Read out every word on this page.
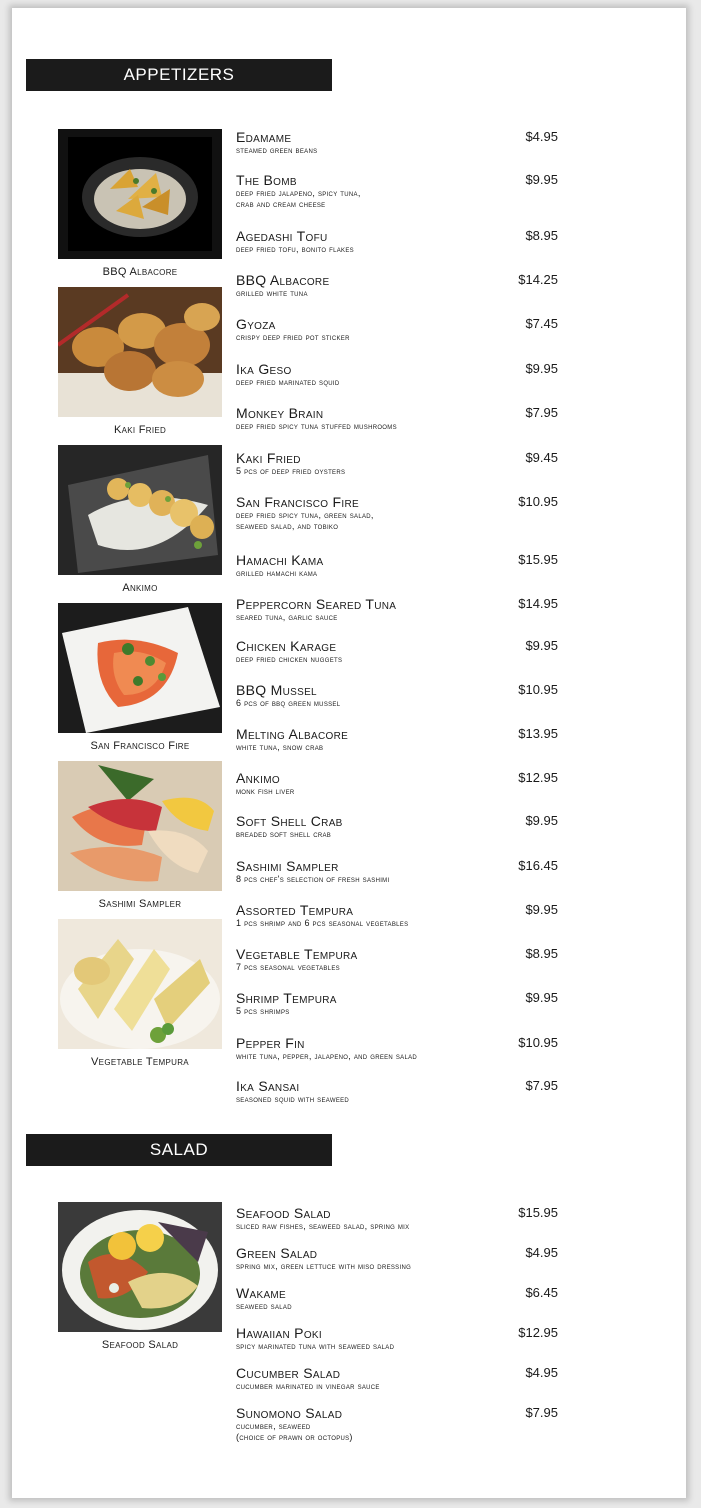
APPETIZERS
BBQ Albacore
Kaki Fried
Ankimo
San Francisco Fire
Sashimi Sampler
Vegetable Tempura
Edamame
steamed green beans
$4.95
The Bomb
deep fried jalapeno, spicy tuna,
crab and cream cheese
$9.95
Agedashi Tofu
deep fried tofu, bonito flakes
$8.95
BBQ Albacore
grilled white tuna
$14.25
Gyoza
crispy deep fried pot sticker
$7.45
Ika Geso
deep fried marinated squid
$9.95
Monkey Brain
deep fried spicy tuna stuffed mushrooms
$7.95
Kaki Fried
5 pcs of deep fried oysters
$9.45
San Francisco Fire
deep fried spicy tuna, green salad,
seaweed salad, and tobiko
$10.95
Hamachi Kama
grilled hamachi kama
$15.95
Peppercorn Seared Tuna
seared tuna, garlic sauce
$14.95
Chicken Karage
deep fried chicken nuggets
$9.95
BBQ Mussel
6 pcs of bbq green mussel
$10.95
Melting Albacore
white tuna, snow crab
$13.95
Ankimo
monk fish liver
$12.95
Soft Shell Crab
breaded soft shell crab
$9.95
Sashimi Sampler
8 pcs chef's selection of fresh sashimi
$16.45
Assorted Tempura
1 pcs shrimp and 6 pcs seasonal vegetables
$9.95
Vegetable Tempura
7 pcs seasonal vegetables
$8.95
Shrimp Tempura
5 pcs shrimps
$9.95
Pepper Fin
white tuna, pepper, jalapeno, and green salad
$10.95
Ika Sansai
seasoned squid with seaweed
$7.95
SALAD
Seafood Salad
Seafood Salad
sliced raw fishes, seaweed salad, spring mix
$15.95
Green Salad
spring mix, green lettuce with miso dressing
$4.95
Wakame
seaweed salad
$6.45
Hawaiian Poki
spicy marinated tuna with seaweed salad
$12.95
Cucumber Salad
cucumber marinated in vinegar sauce
$4.95
Sunomono Salad
cucumber, seaweed
(choice of prawn or octopus)
$7.95
